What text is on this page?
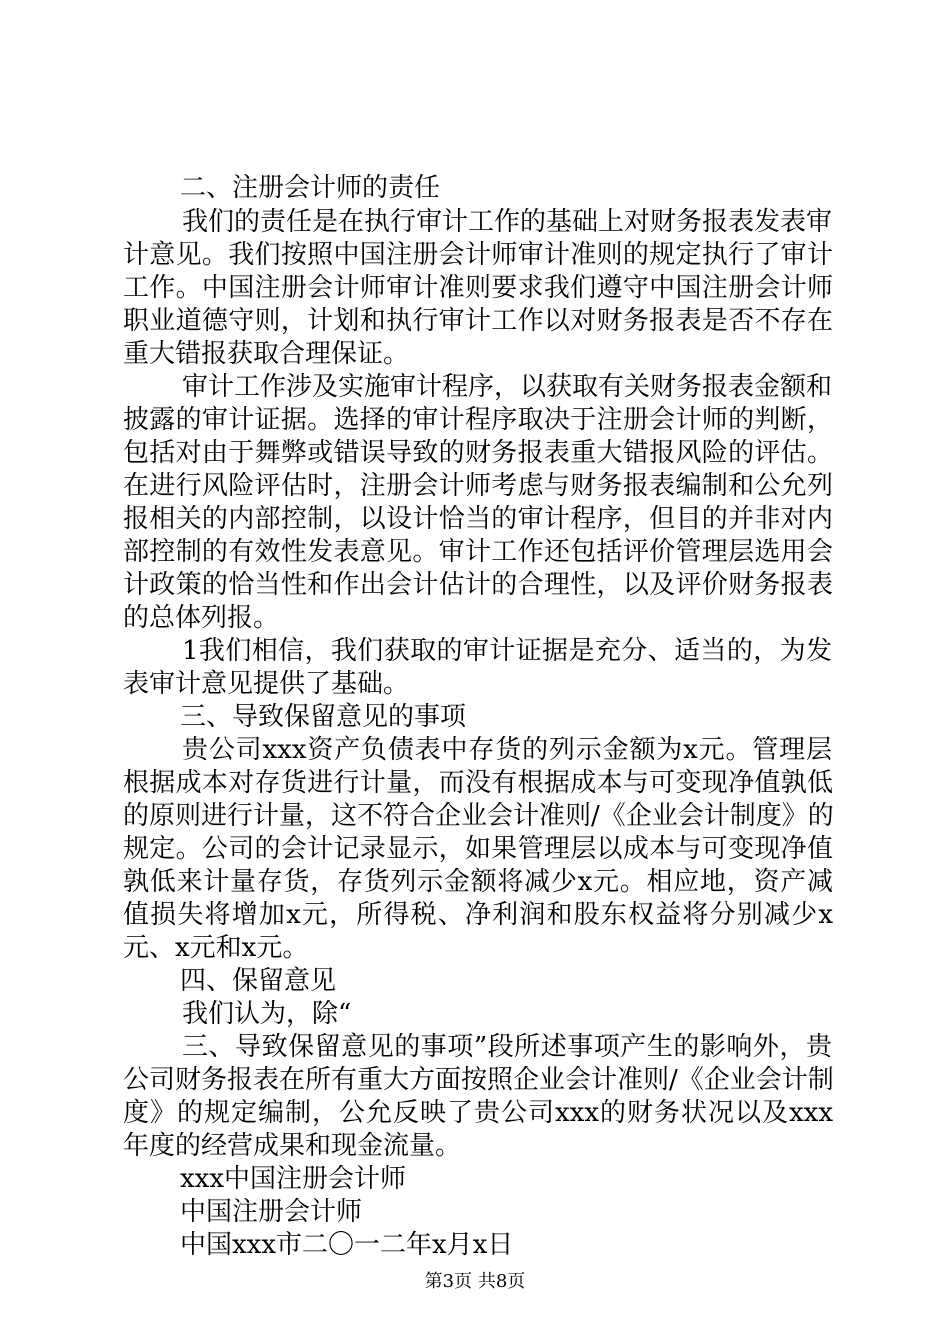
二、注册会计师的责任
我们的责任是在执行审计工作的基础上对财务报表发表审
计意见。我们按照中国注册会计师审计准则的规定执行了审计
工作。中国注册会计师审计准则要求我们遵守中国注册会计师
职业道德守则，计划和执行审计工作以对财务报表是否不存在
重大错报获取合理保证。
审计工作涉及实施审计程序，以获取有关财务报表金额和
披露的审计证据。选择的审计程序取决于注册会计师的判断，
包括对由于舞弊或错误导致的财务报表重大错报风险的评估。
在进行风险评估时，注册会计师考虑与财务报表编制和公允列
报相关的内部控制，以设计恰当的审计程序，但目的并非对内
部控制的有效性发表意见。审计工作还包括评价管理层选用会
计政策的恰当性和作出会计估计的合理性，以及评价财务报表
的总体列报。
1我们相信，我们获取的审计证据是充分、适当的，为发
表审计意见提供了基础。
三、导致保留意见的事项
贵公司xxx资产负债表中存货的列示金额为x元。管理层
根据成本对存货进行计量，而没有根据成本与可变现净值孰低
的原则进行计量，这不符合企业会计准则/《企业会计制度》的
规定。公司的会计记录显示，如果管理层以成本与可变现净值
孰低来计量存货，存货列示金额将减少x元。相应地，资产减
值损失将增加x元，所得税、净利润和股东权益将分别减少x
元、x元和x元。
四、保留意见
我们认为，除“
三、导致保留意见的事项”段所述事项产生的影响外，贵
公司财务报表在所有重大方面按照企业会计准则/《企业会计制
度》的规定编制，公允反映了贵公司xxx的财务状况以及xxx
年度的经营成果和现金流量。
xxx中国注册会计师
中国注册会计师
中国xxx市二〇一二年x月x日
第3页 共8页
